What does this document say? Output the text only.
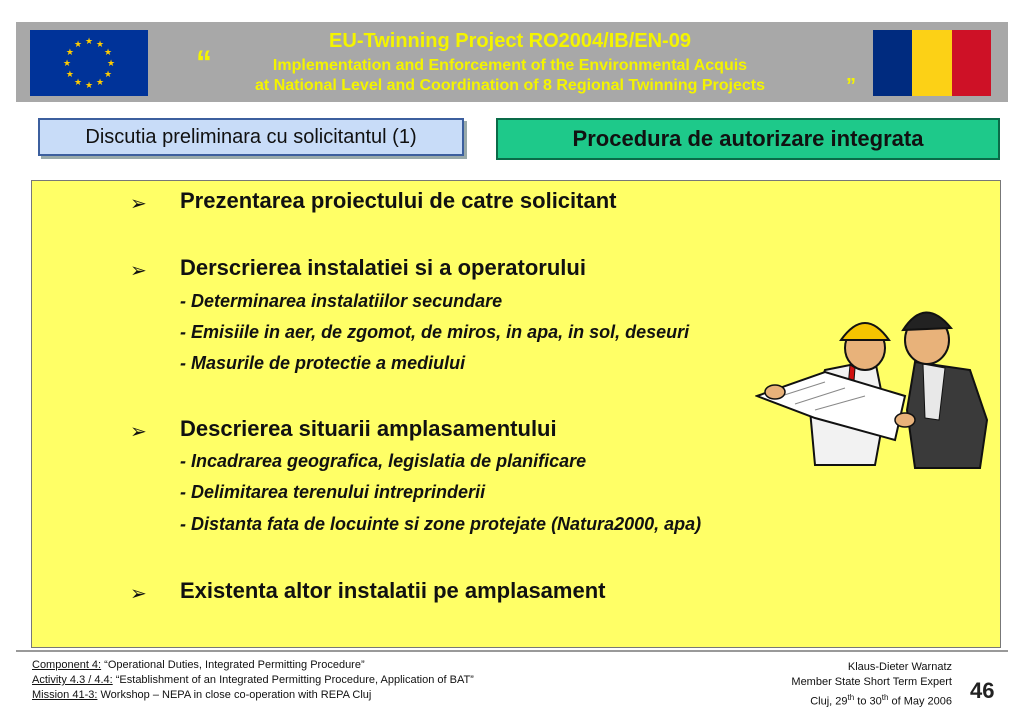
★
★
★
★
★
★
★
★
★ ★ ★
★	EU-Twinning Project RO2004/IB/EN-09
“	Implementation and Enforcement of the Environmental Acquis
at National Level and Coordination of 8 Regional Twinning Projects	”
Discutia preliminara cu solicitantul (1)	Procedura de autorizare integrata
➢ Prezentarea proiectului de catre solicitant
➢ Derscrierea instalatiei si a operatorului
- Determinarea instalatiilor secundare
- Emisiile in aer, de zgomot, de miros, in apa, in sol, deseuri
- Masurile de protectie a mediului
➢ Descrierea situarii amplasamentului
- Incadrarea geografica, legislatia de planificare
- Delimitarea terenului intreprinderii
- Distanta fata de locuinte si zone protejate (Natura2000, apa)
➢ Existenta altor instalatii pe amplasament
Component 4: “Operational Duties, Integrated Permitting Procedure”
Activity 4.3 / 4.4: “Establishment of an Integrated Permitting Procedure, Application of BAT”
Mission 41-3: Workshop – NEPA in close co-operation with REPA Cluj
Klaus-Dieter Warnatz
Member State Short Term Expert
Cluj, 29th to 30th of May 2006 46
